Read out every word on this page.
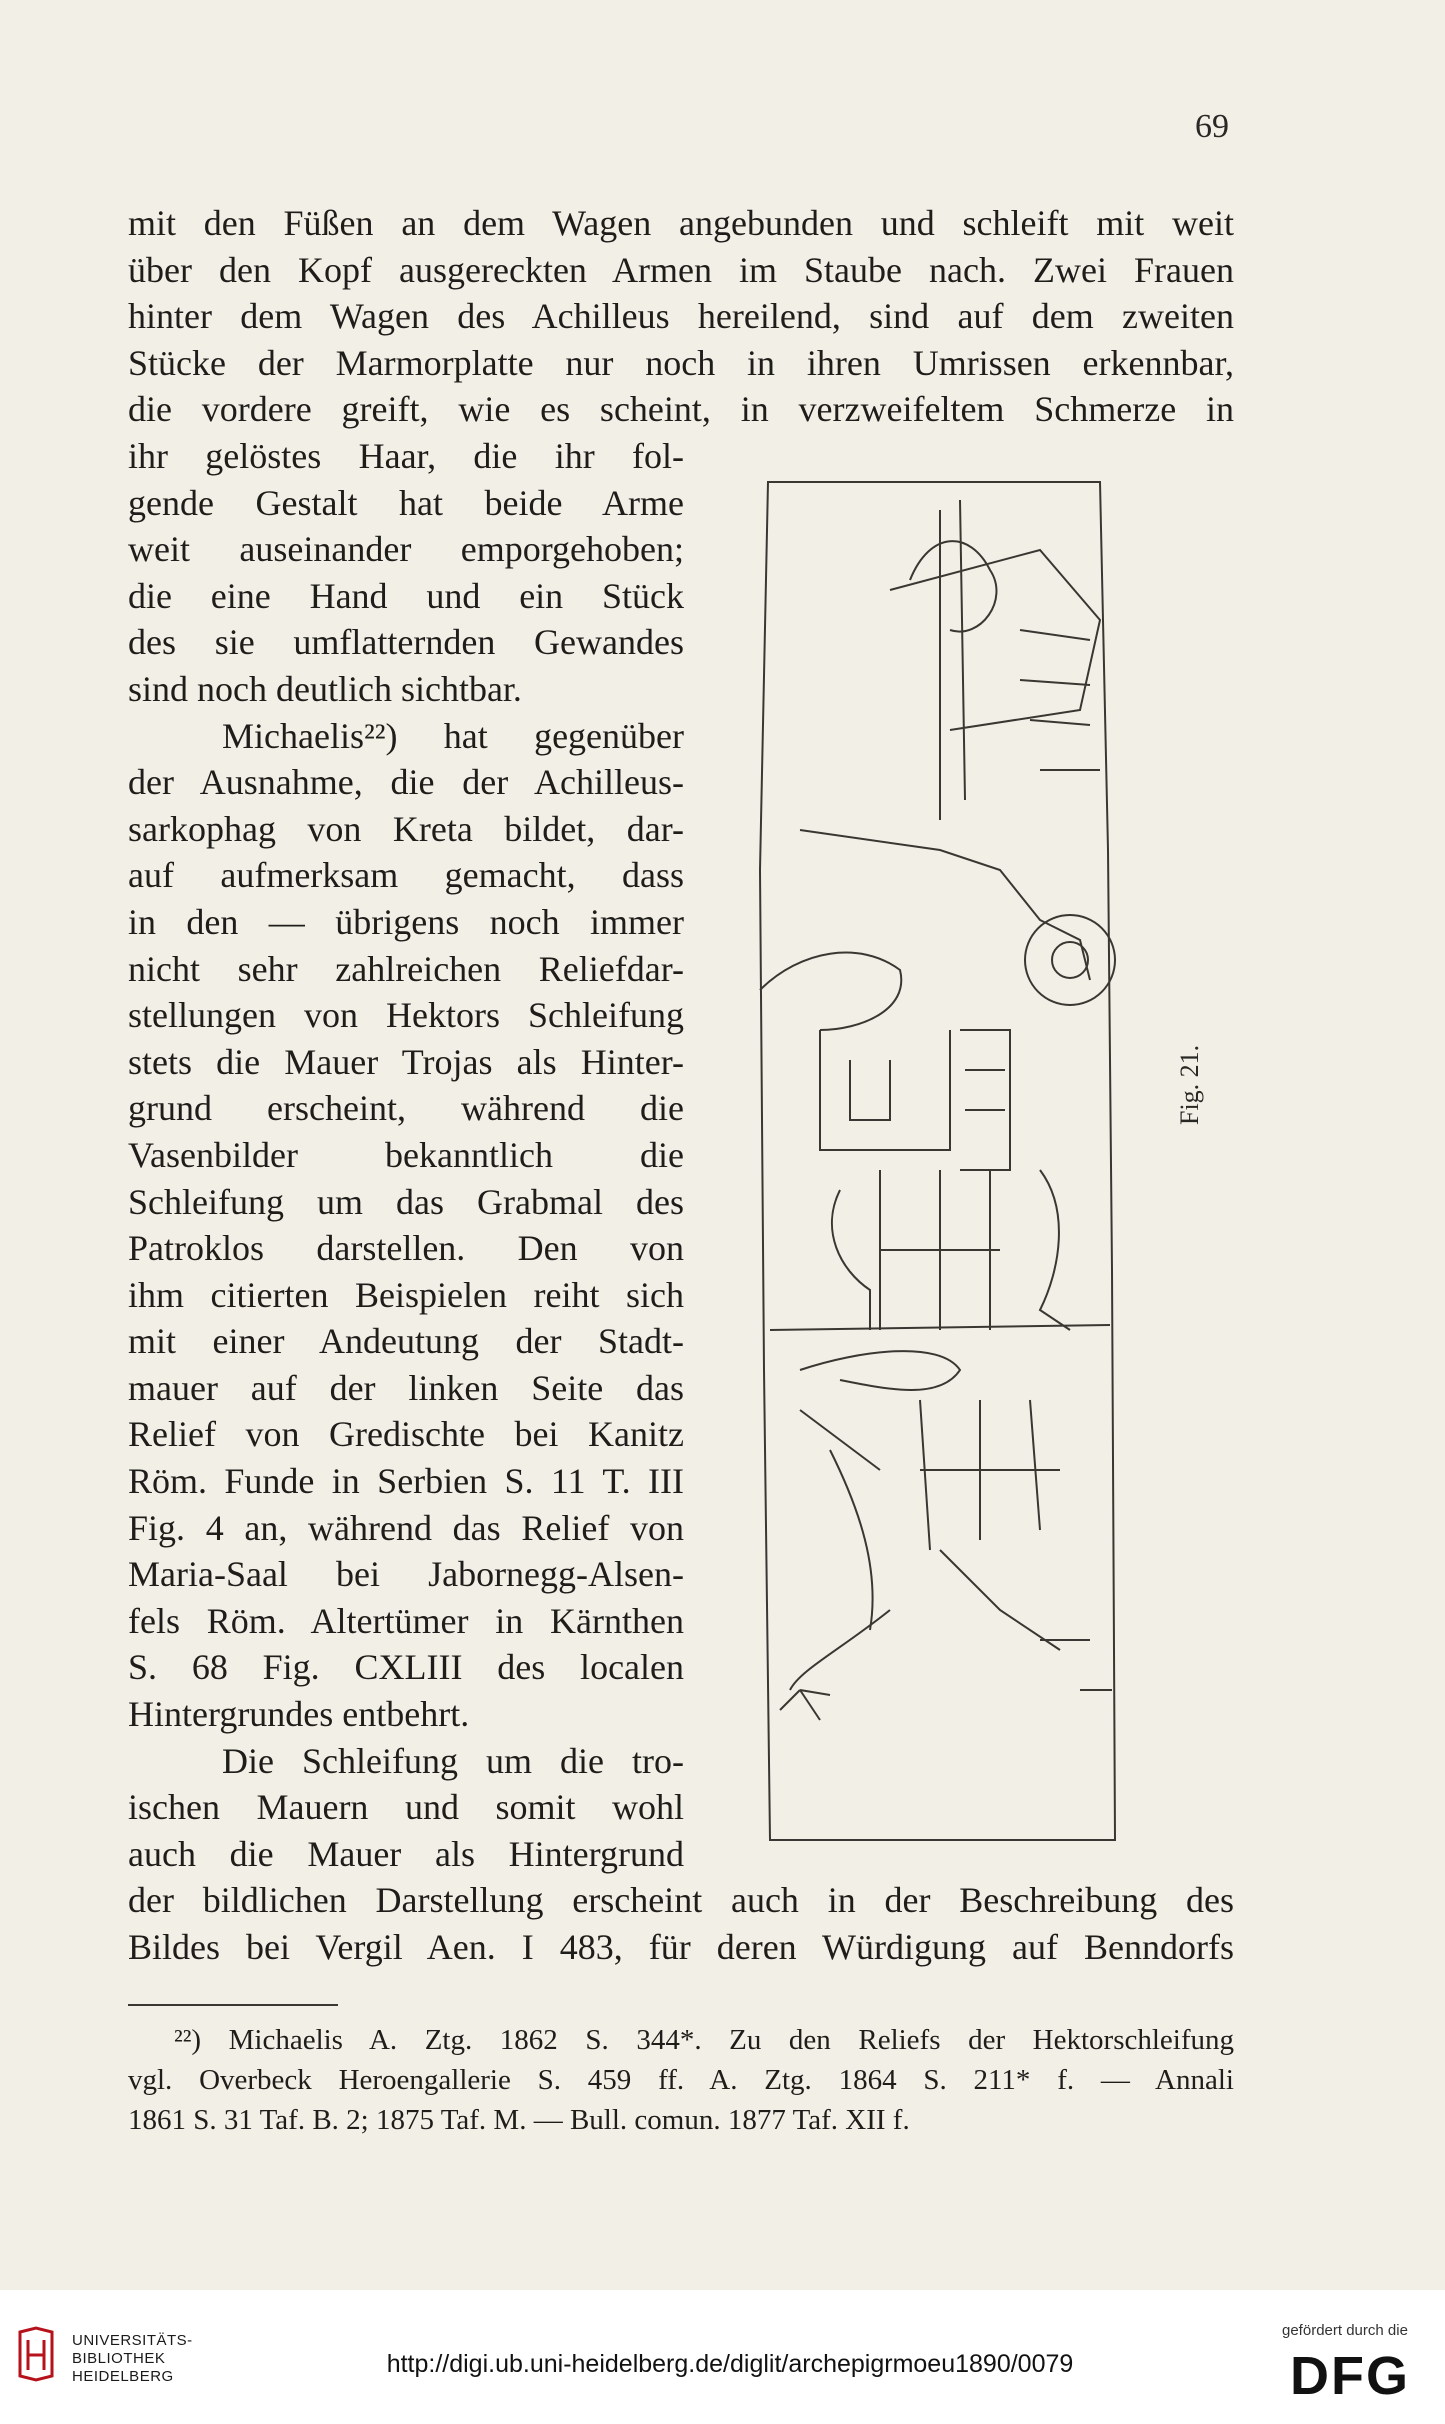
69
mit den Füßen an dem Wagen angebunden und schleift mit weit
über den Kopf ausgereckten Armen im Staube nach. Zwei Frauen
hinter dem Wagen des Achilleus hereilend, sind auf dem zweiten
Stücke der Marmorplatte nur noch in ihren Umrissen erkennbar,
die vordere greift, wie es scheint, in verzweifeltem Schmerze in
ihr gelöstes Haar, die ihr fol-
gende Gestalt hat beide Arme
weit auseinander emporgehoben;
die eine Hand und ein Stück
des sie umflatternden Gewandes
sind noch deutlich sichtbar.
Michaelis²²) hat gegenüber
der Ausnahme, die der Achilleus-
sarkophag von Kreta bildet, dar-
auf aufmerksam gemacht, dass
in den — übrigens noch immer
nicht sehr zahlreichen Reliefdar-
stellungen von Hektors Schleifung
stets die Mauer Trojas als Hinter-
grund erscheint, während die
Vasenbilder bekanntlich die
Schleifung um das Grabmal des
Patroklos darstellen. Den von
ihm citierten Beispielen reiht sich
mit einer Andeutung der Stadt-
mauer auf der linken Seite das
Relief von Gredischte bei Kanitz
Röm. Funde in Serbien S. 11 T. III
Fig. 4 an, während das Relief von
Maria-Saal bei Jabornegg-Alsen-
fels Röm. Altertümer in Kärnthen
S. 68 Fig. CXLIII des localen
Hintergrundes entbehrt.
Die Schleifung um die tro-
ischen Mauern und somit wohl
auch die Mauer als Hintergrund
der bildlichen Darstellung erscheint auch in der Beschreibung des
Bildes bei Vergil Aen. I 483, für deren Würdigung auf Benndorfs
²²) Michaelis A. Ztg. 1862 S. 344*. Zu den Reliefs der Hektorschleifung
vgl. Overbeck Heroengallerie S. 459 ff. A. Ztg. 1864 S. 211* f. — Annali
1861 S. 31 Taf. B. 2; 1875 Taf. M. — Bull. comun. 1877 Taf. XII f.
Fig. 21.
UNIVERSITÄTS-
BIBLIOTHEK
HEIDELBERG	http://digi.ub.uni-heidelberg.de/diglit/archepigrmoeu1890/0079
gefördert durch die
DFG
